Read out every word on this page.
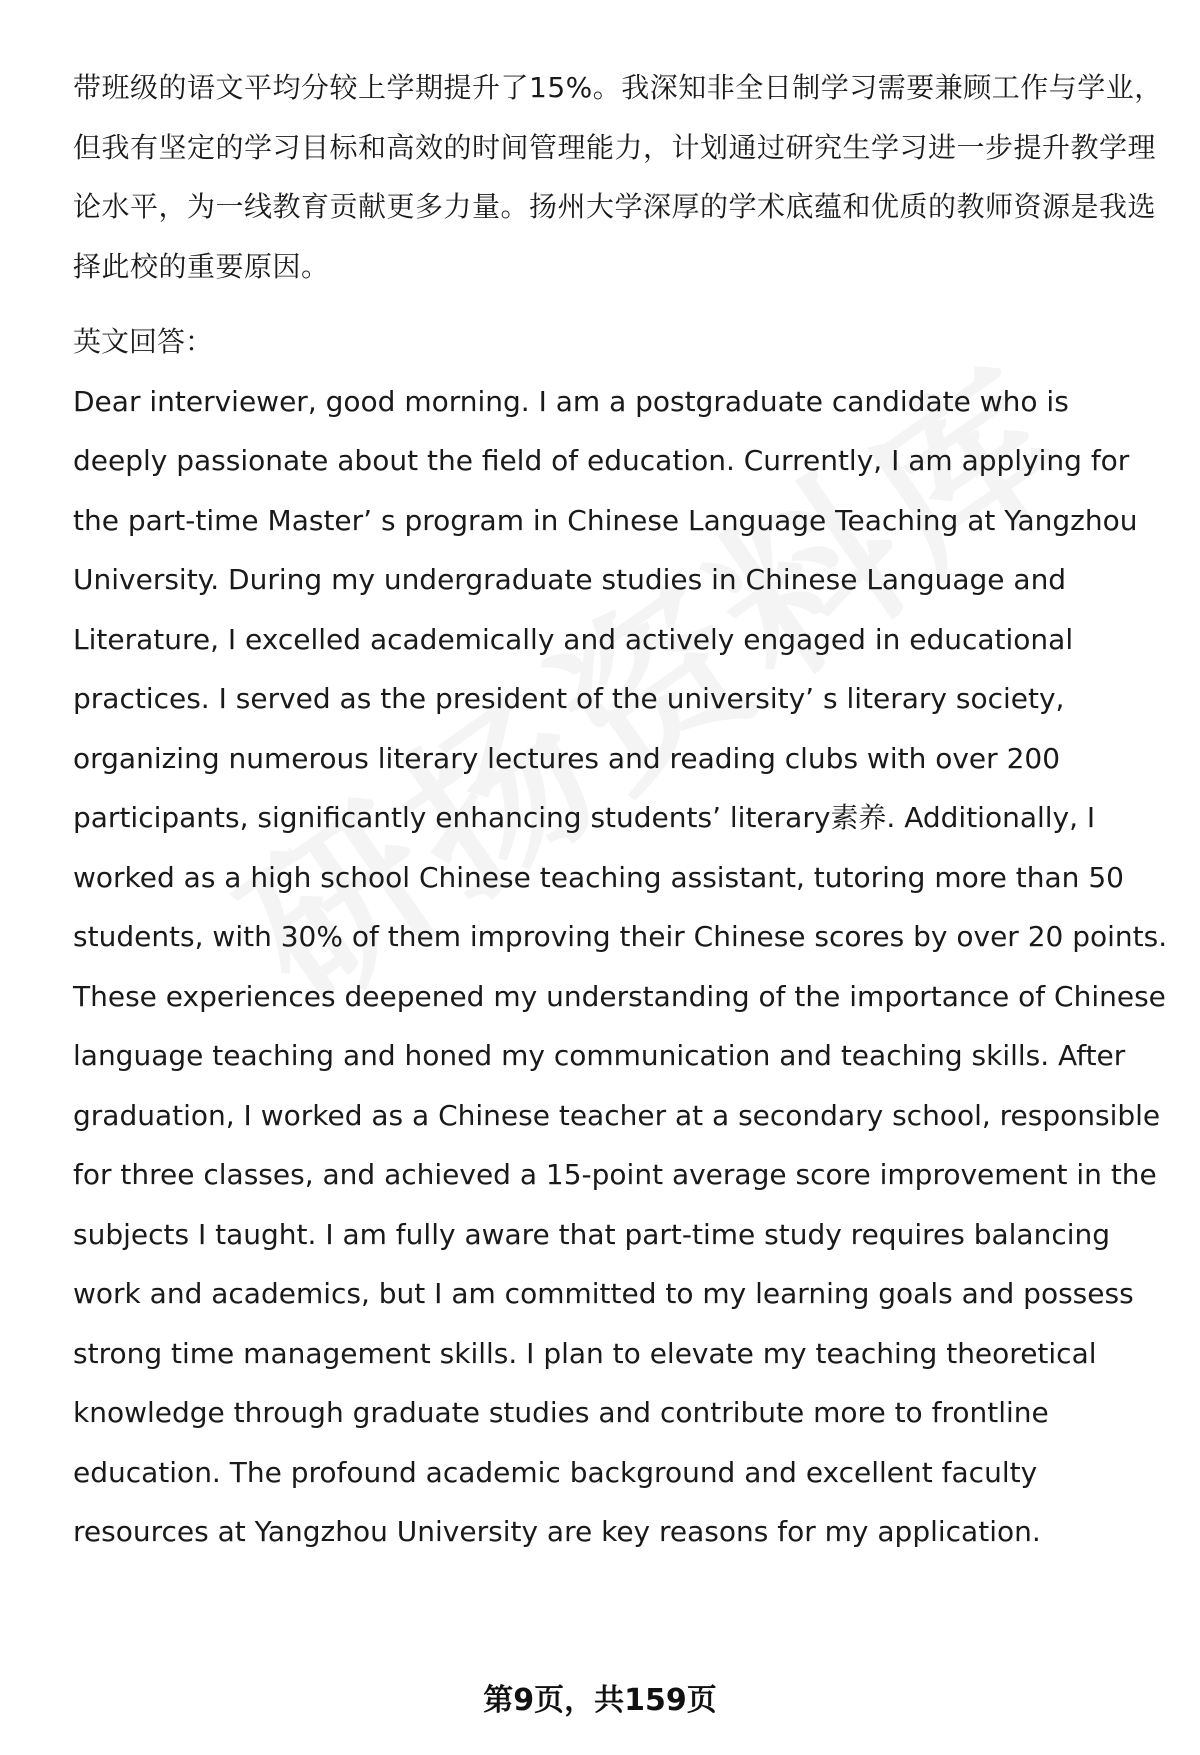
带班级的语文平均分较上学期提升了15%。我深知非全日制学习需要兼顾工作与学业，但我有坚定的学习目标和高效的时间管理能力，计划通过研究生学习进一步提升教学理论水平，为一线教育贡献更多力量。扬州大学深厚的学术底蕴和优质的教师资源是我选择此校的重要原因。

英文回答：

Dear interviewer, good morning. I am a postgraduate candidate who is deeply passionate about the field of education. Currently, I am applying for the part-time Master’ s program in Chinese Language Teaching at Yangzhou University. During my undergraduate studies in Chinese Language and Literature, I excelled academically and actively engaged in educational practices. I served as the president of the university’ s literary society, organizing numerous literary lectures and reading clubs with over 200 participants, significantly enhancing students’ literary素养. Additionally, I worked as a high school Chinese teaching assistant, tutoring more than 50 students, with 30% of them improving their Chinese scores by over 20 points. These experiences deepened my understanding of the importance of Chinese language teaching and honed my communication and teaching skills. After graduation, I worked as a Chinese teacher at a secondary school, responsible for three classes, and achieved a 15-point average score improvement in the subjects I taught. I am fully aware that part-time study requires balancing work and academics, but I am committed to my learning goals and possess strong time management skills. I plan to elevate my teaching theoretical knowledge through graduate studies and contribute more to frontline education. The profound academic background and excellent faculty resources at Yangzhou University are key reasons for my application.

第9页，共159页
